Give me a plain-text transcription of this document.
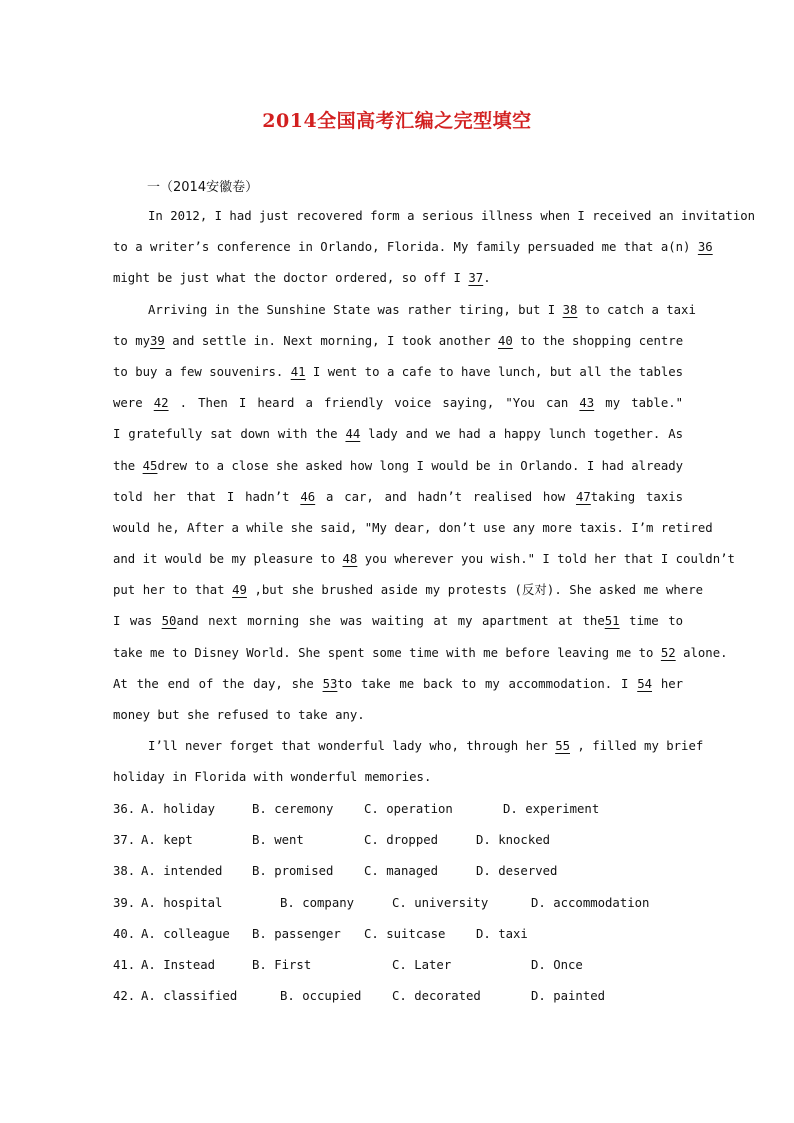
2014全国高考汇编之完型填空
一（2014安徽卷）
In 2012, I had just recovered form a serious illness when I received an invitation
to a writer’s conference in Orlando, Florida. My family persuaded me that a(n) 36
might be just what the doctor ordered, so off I 37.
Arriving in the Sunshine State was rather tiring, but I 38 to catch a taxi
to my39 and settle in. Next morning, I took another 40 to the shopping centre
to buy a few souvenirs. 41 I went to a cafe to have lunch, but all the tables
were 42 . Then I heard a friendly voice saying, "You can 43 my table."
I gratefully sat down with the 44 lady and we had a happy lunch together. As
the 45drew to a close she asked how long I would be in Orlando. I had already
told her that I hadn’t 46 a car, and hadn’t realised how 47taking taxis
would he, After a while she said, "My dear, don’t use any more taxis. I’m retired
and it would be my pleasure to 48 you wherever you wish." I told her that I couldn’t
put her to that 49 ,but she brushed aside my protests (反对). She asked me where
I was 50and next morning she was waiting at my apartment at the51 time to
take me to Disney World. She spent some time with me before leaving me to 52 alone.
At the end of the day, she 53to take me back to my accommodation. I 54 her
money but she refused to take any.
I’ll never forget that wonderful lady who, through her 55 , filled my brief
holiday in Florida with wonderful memories.
36. A. holiday	B. ceremony C. operation	D. experiment
37. A. kept	B. went	C. dropped	D. knocked
38. A. intended B. promised C. managed	D. deserved
39. A. hospital	B. company	C. university	D. accommodation
40. A. colleague B. passenger C. suitcase D. taxi
41. A. Instead	B. First	C. Later	D. Once
42. A. classified	B. occupied C. decorated	D. painted
